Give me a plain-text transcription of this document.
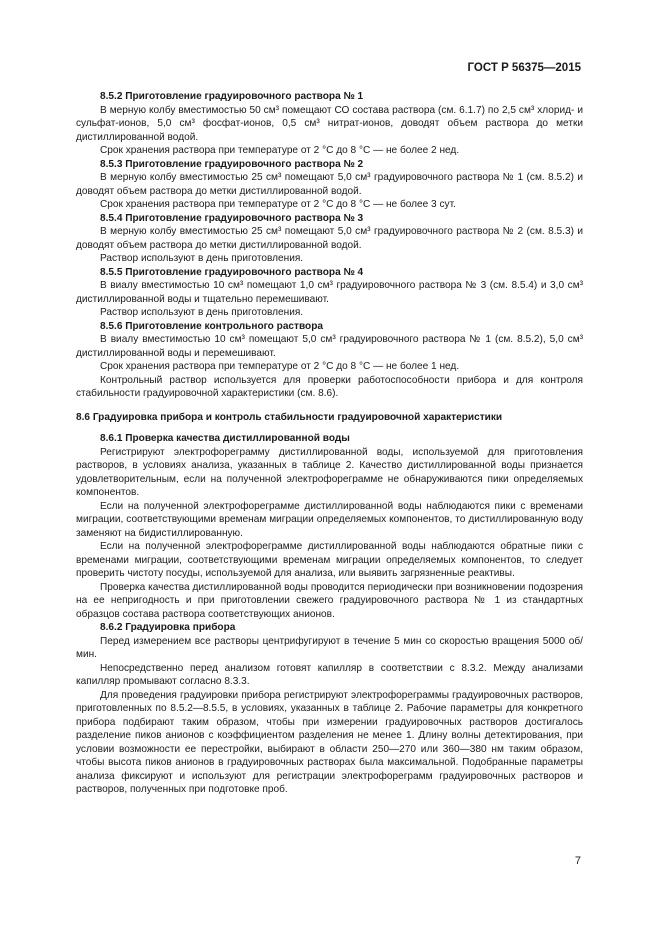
ГОСТ Р 56375—2015

8.5.2 Приготовление градуировочного раствора № 1

В мерную колбу вместимостью 50 см³ помещают СО состава раствора (см. 6.1.7) по 2,5 см³ хлорид- и сульфат-ионов, 5,0 см³ фосфат-ионов, 0,5 см³ нитрат-ионов, доводят объем раствора до метки дистиллированной водой.

Срок хранения раствора при температуре от 2 °С до 8 °С — не более 2 нед.

8.5.3 Приготовление градуировочного раствора № 2

В мерную колбу вместимостью 25 см³ помещают 5,0 см³ градуировочного раствора № 1 (см. 8.5.2) и доводят объем раствора до метки дистиллированной водой.

Срок хранения раствора при температуре от 2 °С до 8 °С — не более 3 сут.

8.5.4 Приготовление градуировочного раствора № 3

В мерную колбу вместимостью 25 см³ помещают 5,0 см³ градуировочного раствора № 2 (см. 8.5.3) и доводят объем раствора до метки дистиллированной водой.

Раствор используют в день приготовления.

8.5.5 Приготовление градуировочного раствора № 4

В виалу вместимостью 10 см³ помещают 1,0 см³ градуировочного раствора № 3 (см. 8.5.4) и 3,0 см³ дистиллированной воды и тщательно перемешивают.

Раствор используют в день приготовления.

8.5.6 Приготовление контрольного раствора

В виалу вместимостью 10 см³ помещают 5,0 см³ градуировочного раствора № 1 (см. 8.5.2), 5,0 см³ дистиллированной воды и перемешивают.

Срок хранения раствора при температуре от 2 °С до 8 °С — не более 1 нед.

Контрольный раствор используется для проверки работоспособности прибора и для контроля стабильности градуировочной характеристики (см. 8.6).

8.6 Градуировка прибора и контроль стабильности градуировочной характеристики

8.6.1 Проверка качества дистиллированной воды

Регистрируют электрофореграмму дистиллированной воды, используемой для приготовления растворов, в условиях анализа, указанных в таблице 2. Качество дистиллированной воды признается удовлетворительным, если на полученной электрофореграмме не обнаруживаются пики определяемых компонентов.

Если на полученной электрофореграмме дистиллированной воды наблюдаются пики с временами миграции, соответствующими временам миграции определяемых компонентов, то дистиллированную воду заменяют на бидистиллированную.

Если на полученной электрофореграмме дистиллированной воды наблюдаются обратные пики с временами миграции, соответствующими временам миграции определяемых компонентов, то следует проверить чистоту посуды, используемой для анализа, или выявить загрязненные реактивы.

Проверка качества дистиллированной воды проводится периодически при возникновении подозрения на ее непригодность и при приготовлении свежего градуировочного раствора № 1 из стандартных образцов состава раствора соответствующих анионов.

8.6.2 Градуировка прибора

Перед измерением все растворы центрифугируют в течение 5 мин со скоростью вращения 5000 об/мин.

Непосредственно перед анализом готовят капилляр в соответствии с 8.3.2. Между анализами капилляр промывают согласно 8.3.3.

Для проведения градуировки прибора регистрируют электрофореграммы градуировочных растворов, приготовленных по 8.5.2—8.5.5, в условиях, указанных в таблице 2. Рабочие параметры для конкретного прибора подбирают таким образом, чтобы при измерении градуировочных растворов достигалось разделение пиков анионов с коэффициентом разделения не менее 1. Длину волны детектирования, при условии возможности ее перестройки, выбирают в области 250—270 или 360—380 нм таким образом, чтобы высота пиков анионов в градуировочных растворах была максимальной. Подобранные параметры анализа фиксируют и используют для регистрации электрофореграмм градуировочных растворов и растворов, полученных при подготовке проб.

7
